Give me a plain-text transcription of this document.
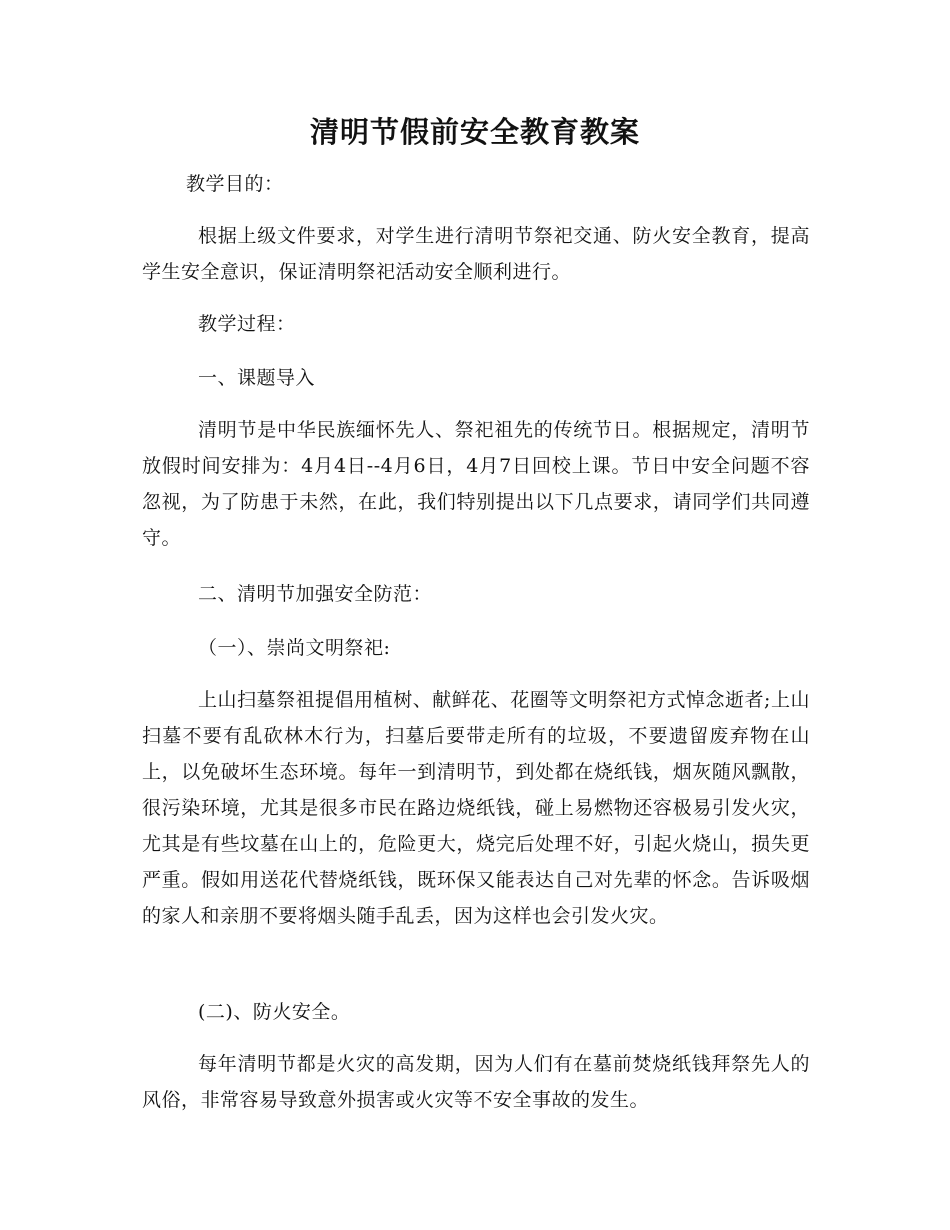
清明节假前安全教育教案

教学目的：

根据上级文件要求，对学生进行清明节祭祀交通、防火安全教育，提高学生安全意识，保证清明祭祀活动安全顺利进行。

教学过程：

一、课题导入

清明节是中华民族缅怀先人、祭祀祖先的传统节日。根据规定，清明节放假时间安排为：4月4日--4月6日，4月7日回校上课。节日中安全问题不容忽视，为了防患于未然，在此，我们特别提出以下几点要求，请同学们共同遵守。

二、清明节加强安全防范：

（一）、崇尚文明祭祀:

上山扫墓祭祖提倡用植树、献鲜花、花圈等文明祭祀方式悼念逝者;上山扫墓不要有乱砍林木行为，扫墓后要带走所有的垃圾，不要遗留废弃物在山上，以免破坏生态环境。每年一到清明节，到处都在烧纸钱，烟灰随风飘散，很污染环境，尤其是很多市民在路边烧纸钱，碰上易燃物还容极易引发火灾，尤其是有些坟墓在山上的，危险更大，烧完后处理不好，引起火烧山，损失更严重。假如用送花代替烧纸钱，既环保又能表达自己对先辈的怀念。告诉吸烟的家人和亲朋不要将烟头随手乱丢，因为这样也会引发火灾。

(二)、防火安全。

每年清明节都是火灾的高发期，因为人们有在墓前焚烧纸钱拜祭先人的风俗，非常容易导致意外损害或火灾等不安全事故的发生。
